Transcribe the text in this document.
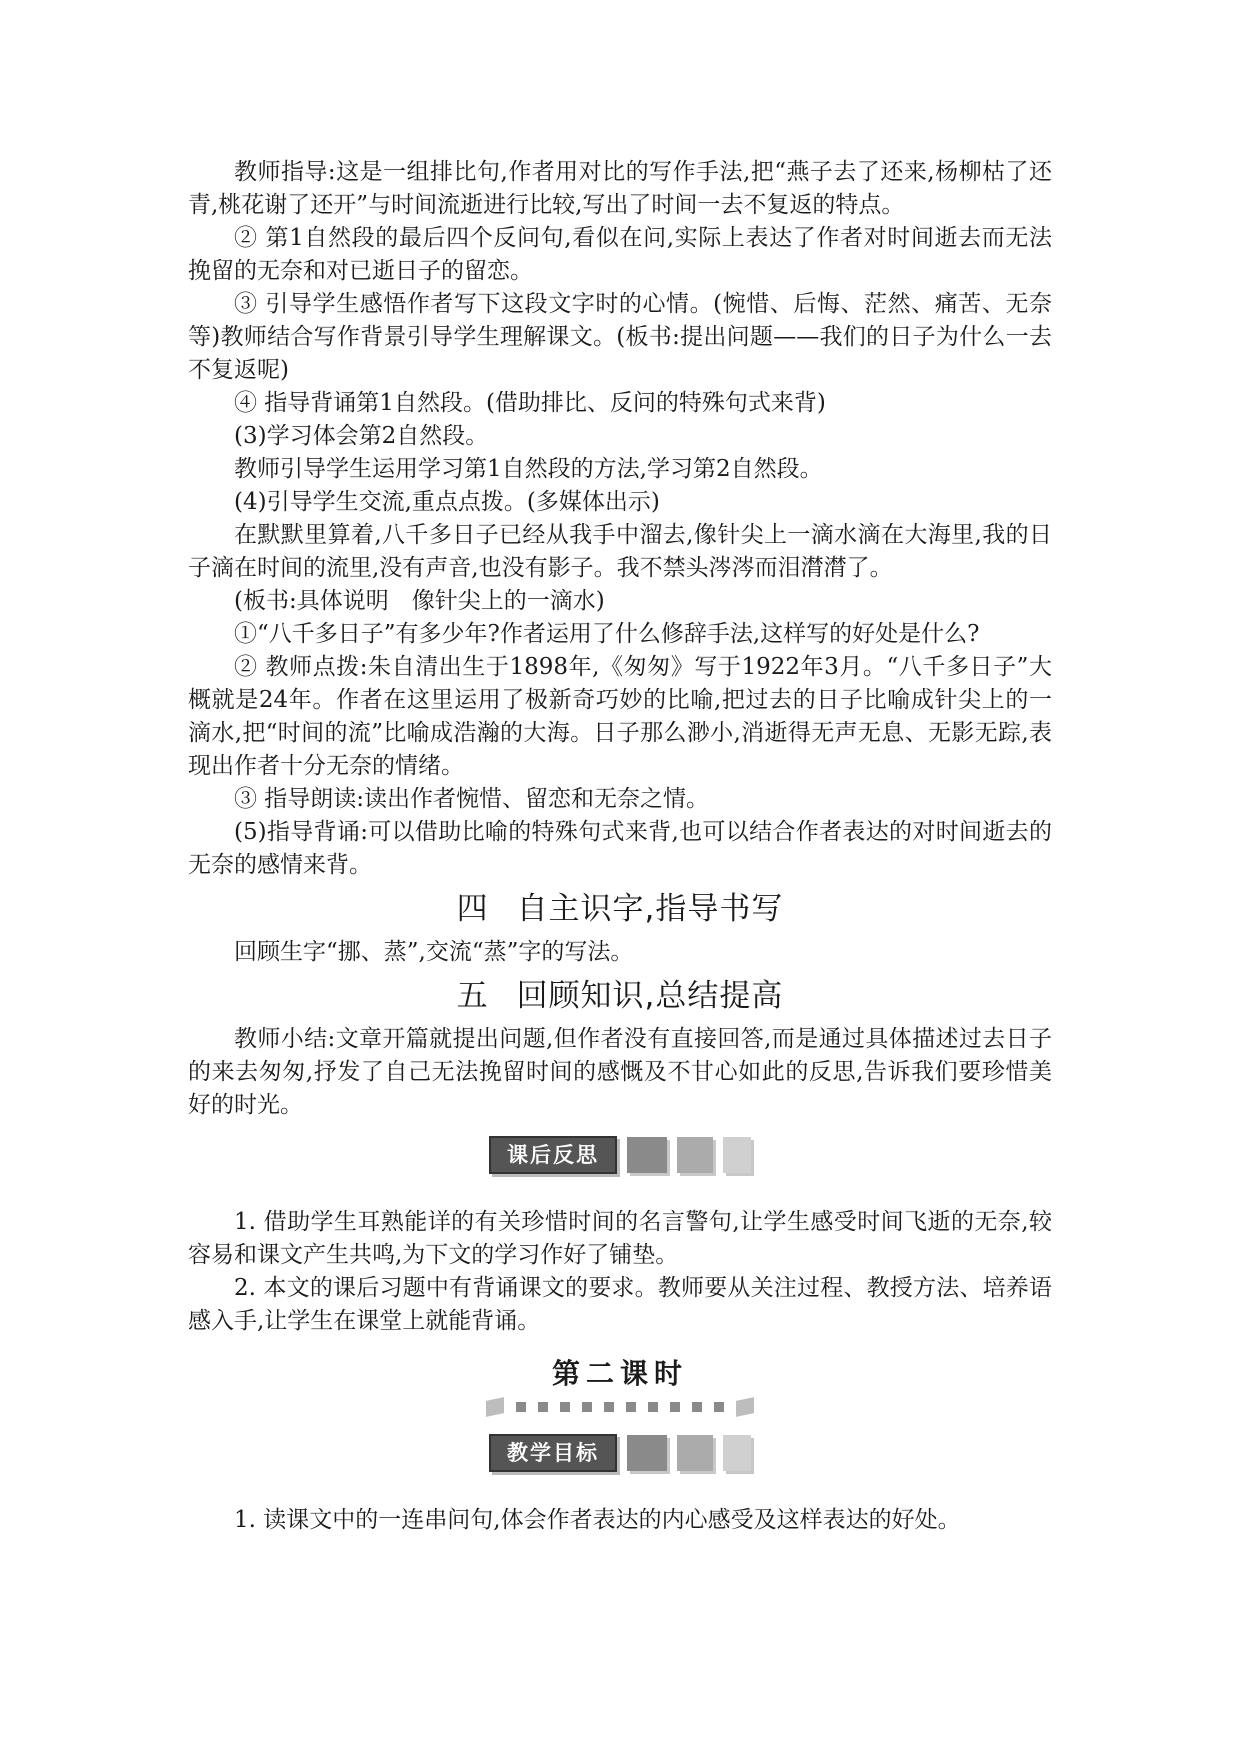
教师指导:这是一组排比句,作者用对比的写作手法,把“燕子去了还来,杨柳枯了还青,桃花谢了还开”与时间流逝进行比较,写出了时间一去不复返的特点。

② 第1自然段的最后四个反问句,看似在问,实际上表达了作者对时间逝去而无法挽留的无奈和对已逝日子的留恋。

③ 引导学生感悟作者写下这段文字时的心情。(惋惜、后悔、茫然、痛苦、无奈等)教师结合写作背景引导学生理解课文。(板书:提出问题——我们的日子为什么一去不复返呢)

④ 指导背诵第1自然段。(借助排比、反问的特殊句式来背)

(3)学习体会第2自然段。

教师引导学生运用学习第1自然段的方法,学习第2自然段。

(4)引导学生交流,重点点拨。(多媒体出示)

在默默里算着,八千多日子已经从我手中溜去,像针尖上一滴水滴在大海里,我的日子滴在时间的流里,没有声音,也没有影子。我不禁头涔涔而泪潸潸了。

(板书:具体说明　像针尖上的一滴水)

①“八千多日子”有多少年?作者运用了什么修辞手法,这样写的好处是什么?

② 教师点拨:朱自清出生于1898年,《匆匆》写于1922年3月。“八千多日子”大概就是24年。作者在这里运用了极新奇巧妙的比喻,把过去的日子比喻成针尖上的一滴水,把“时间的流”比喻成浩瀚的大海。日子那么渺小,消逝得无声无息、无影无踪,表现出作者十分无奈的情绪。

③ 指导朗读:读出作者惋惜、留恋和无奈之情。

(5)指导背诵:可以借助比喻的特殊句式来背,也可以结合作者表达的对时间逝去的无奈的感情来背。

四 自主识字,指导书写

回顾生字“挪、蒸”,交流“蒸”字的写法。

五 回顾知识,总结提高

教师小结:文章开篇就提出问题,但作者没有直接回答,而是通过具体描述过去日子的来去匆匆,抒发了自己无法挽留时间的感慨及不甘心如此的反思,告诉我们要珍惜美好的时光。

课后反思

1. 借助学生耳熟能详的有关珍惜时间的名言警句,让学生感受时间飞逝的无奈,较容易和课文产生共鸣,为下文的学习作好了铺垫。

2. 本文的课后习题中有背诵课文的要求。教师要从关注过程、教授方法、培养语感入手,让学生在课堂上就能背诵。

第二课时
教学目标

1. 读课文中的一连串问句,体会作者表达的内心感受及这样表达的好处。
